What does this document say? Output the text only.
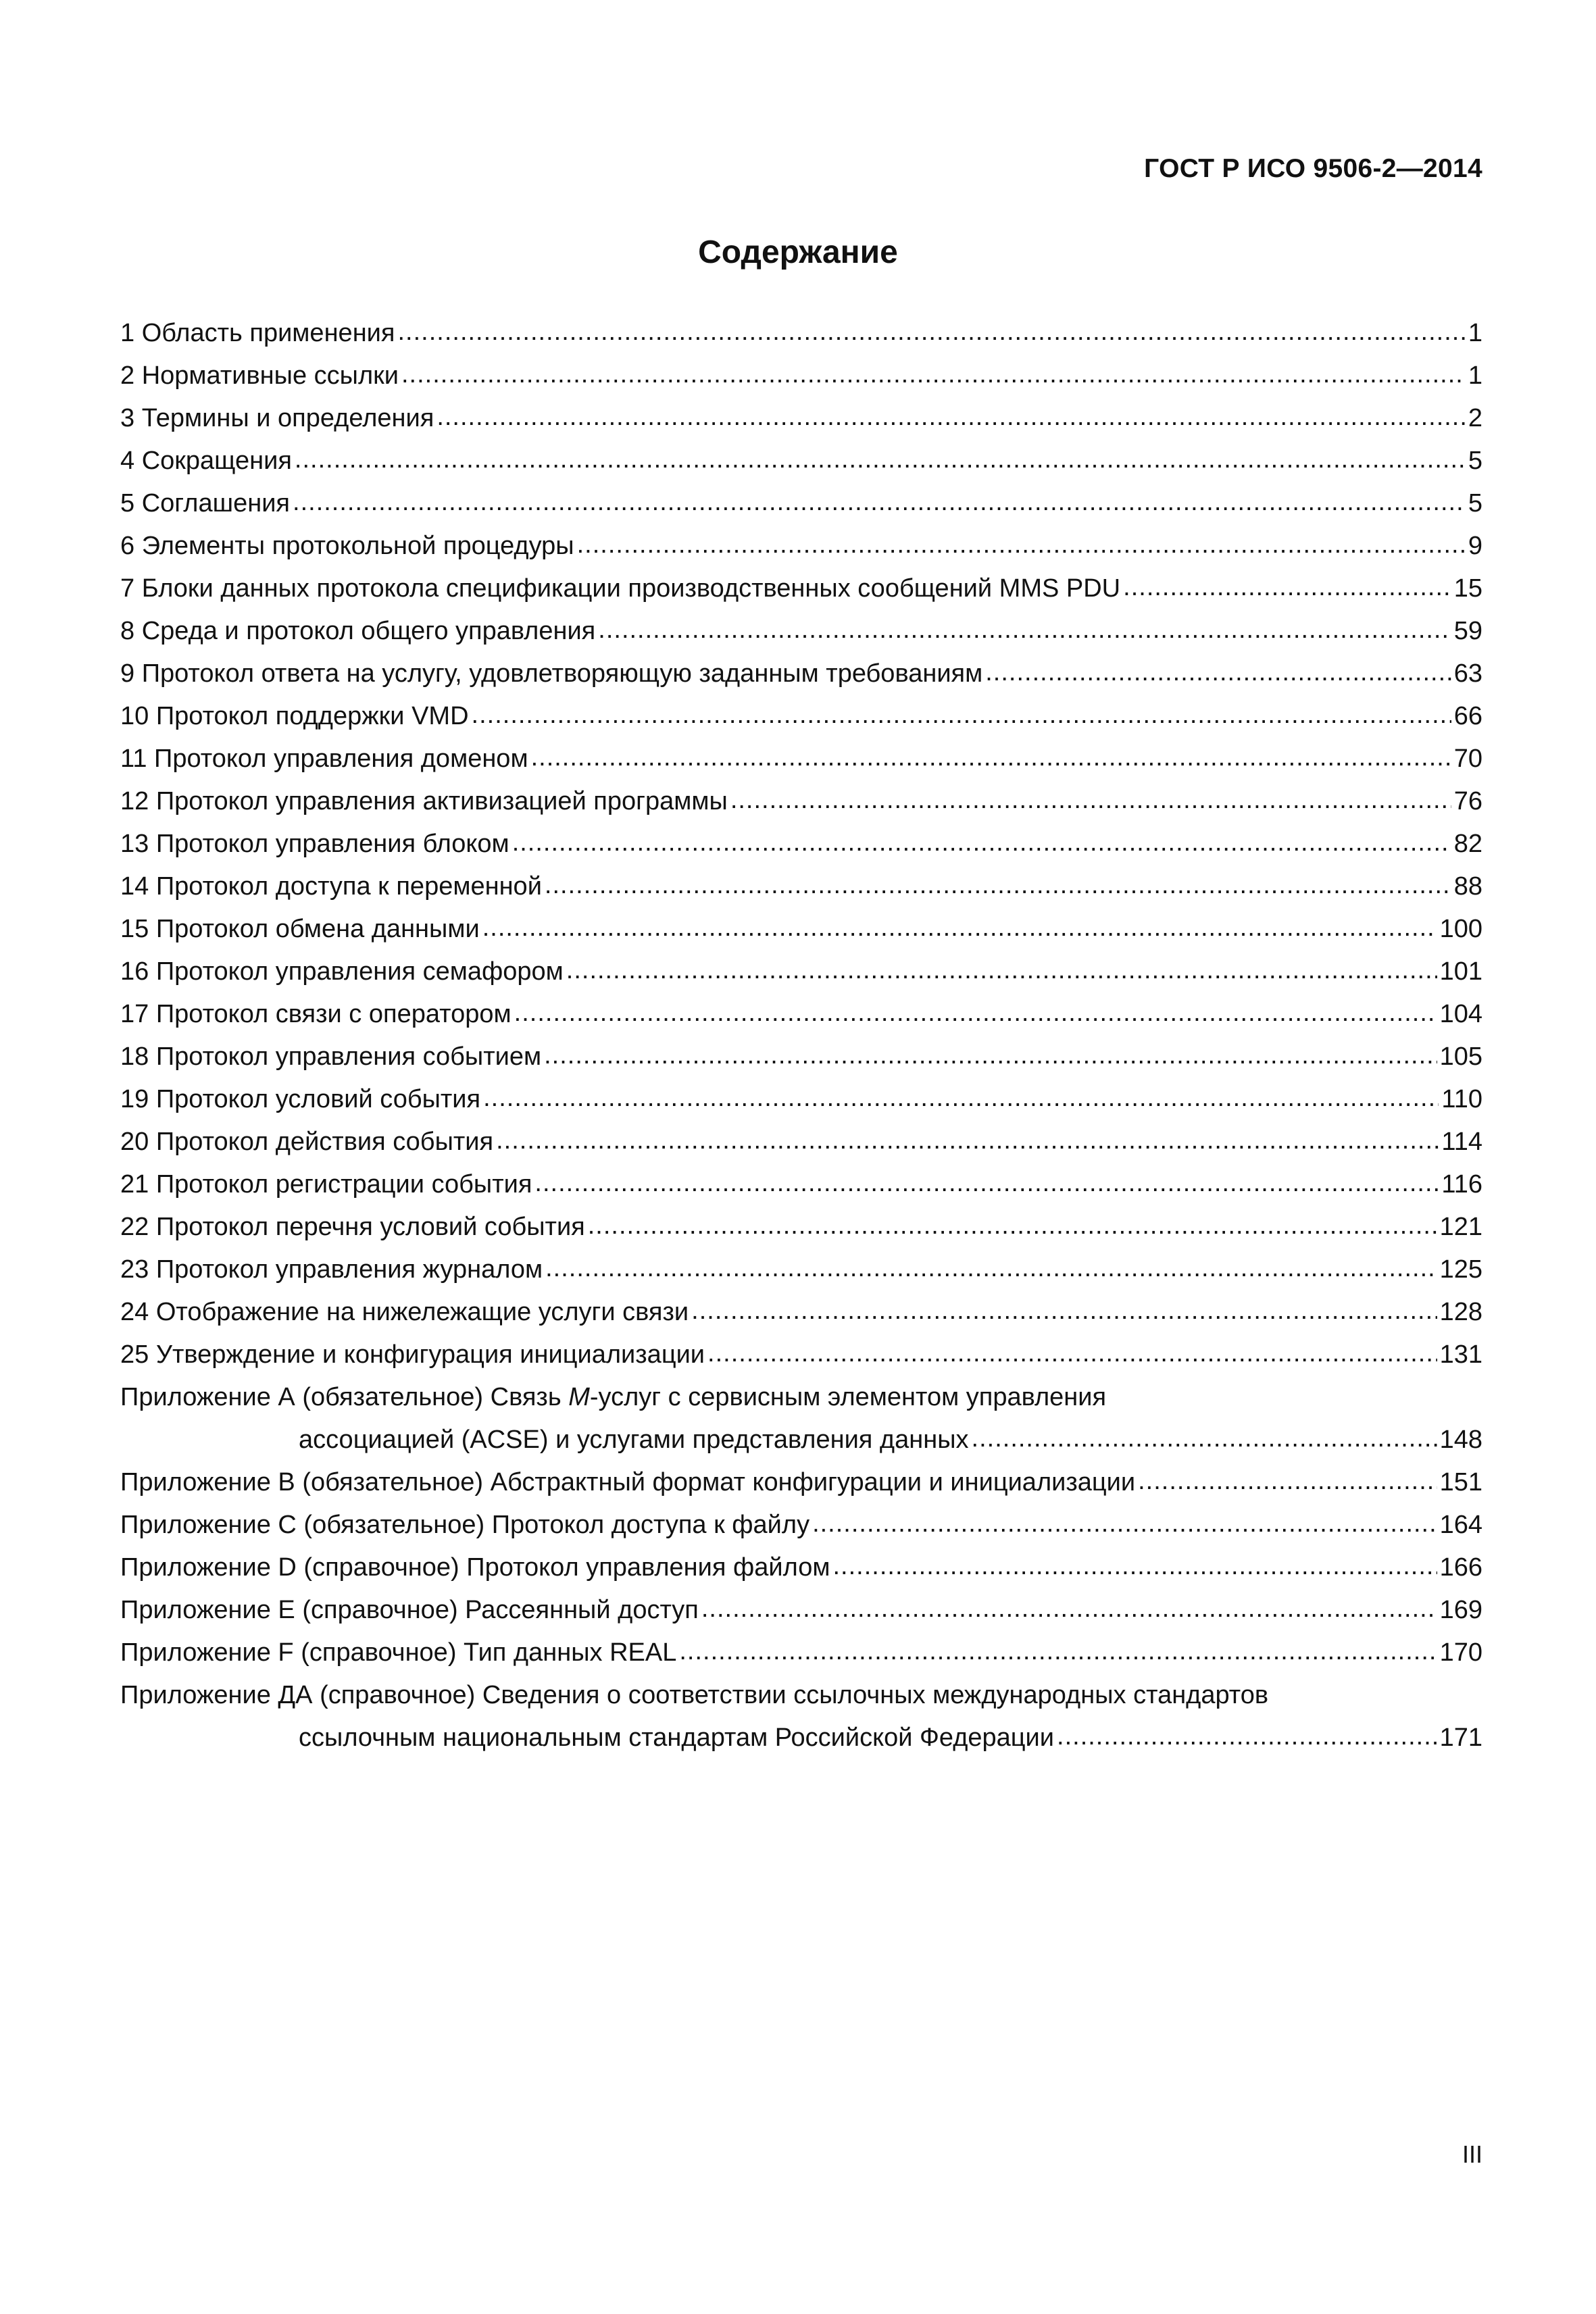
ГОСТ Р ИСО 9506-2—2014
Содержание
1 Область применения .....	1
2 Нормативные ссылки .....	1
3 Термины и определения .....	2
4 Сокращения .....	5
5 Соглашения .....	5
6 Элементы протокольной процедуры .....	9
7 Блоки данных протокола спецификации производственных сообщений MMS PDU .....	15
8 Среда и протокол общего управления .....	59
9 Протокол ответа на услугу, удовлетворяющую заданным требованиям .....	63
10 Протокол поддержки VMD .....	66
11 Протокол управления доменом .....	70
12 Протокол управления активизацией программы .....	76
13 Протокол управления блоком .....	82
14 Протокол доступа к переменной .....	88
15 Протокол обмена данными .....	100
16 Протокол управления семафором .....	101
17 Протокол связи с оператором .....	104
18 Протокол управления событием .....	105
19 Протокол условий события .....	110
20 Протокол действия события .....	114
21 Протокол регистрации события .....	116
22 Протокол перечня условий события .....	121
23 Протокол управления журналом .....	125
24 Отображение на нижележащие услуги связи .....	128
25 Утверждение и конфигурация инициализации .....	131
Приложение А (обязательное) Связь М-услуг с сервисным элементом управления
ассоциацией (ACSE) и услугами представления данных .....	148
Приложение В (обязательное) Абстрактный формат конфигурации и инициализации .....	151
Приложение С (обязательное) Протокол доступа к файлу .....	164
Приложение D (справочное) Протокол управления файлом .....	166
Приложение Е (справочное) Рассеянный доступ .....	169
Приложение F (справочное) Тип данных REAL .....	170
Приложение ДА (справочное) Сведения о соответствии ссылочных международных стандартов
ссылочным национальным стандартам Российской Федерации .....	171
III
